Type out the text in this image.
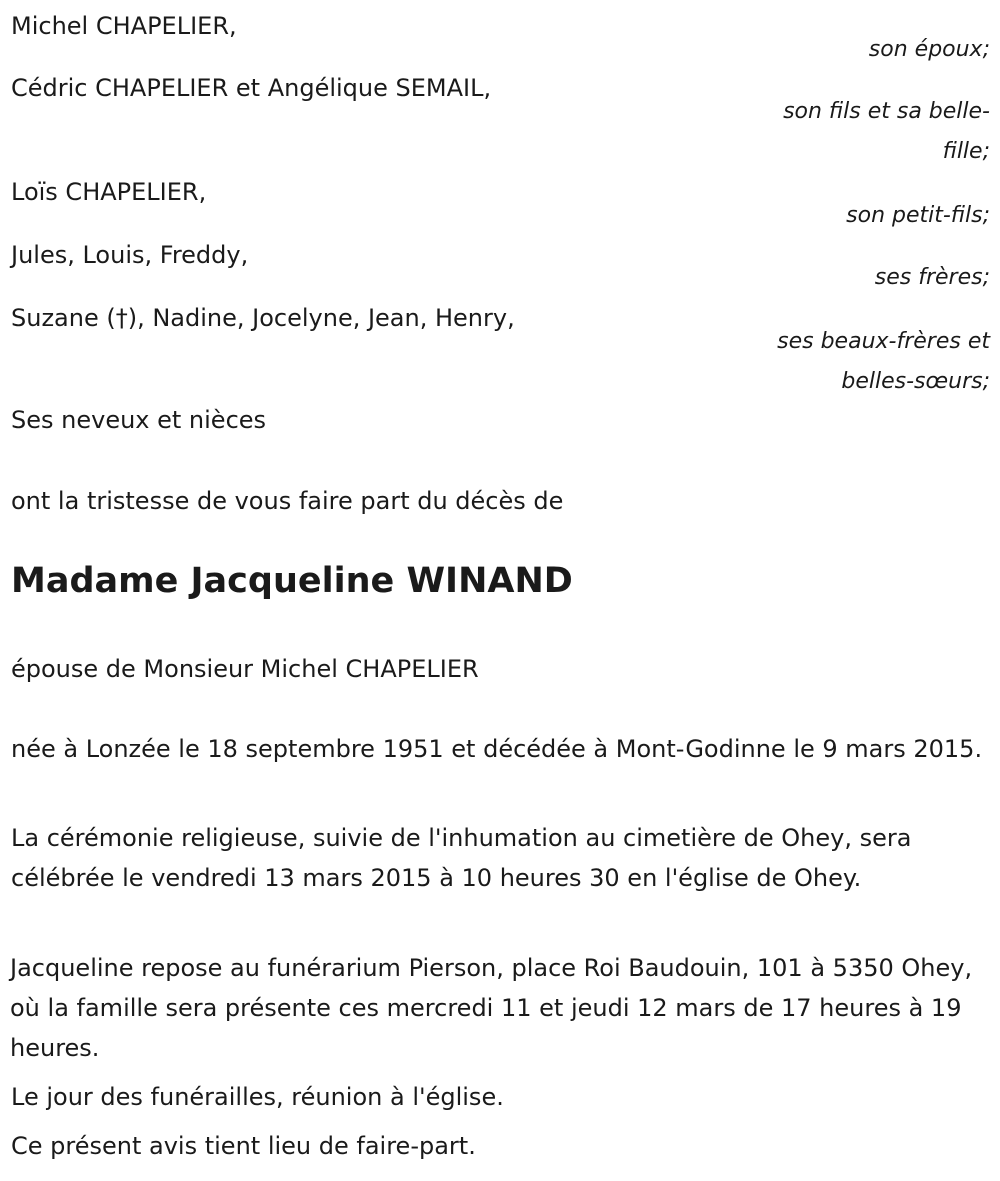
Michel CHAPELIER,
son époux;
Cédric CHAPELIER et Angélique SEMAIL,
son fils et sa belle-fille;
Loïs CHAPELIER,
son petit-fils;
Jules, Louis, Freddy,
ses frères;
Suzane (†), Nadine, Jocelyne, Jean, Henry,
ses beaux-frères et belles-sœurs;
Ses neveux et nièces
ont la tristesse de vous faire part du décès de
Madame Jacqueline WINAND
épouse de Monsieur Michel CHAPELIER
née à Lonzée le 18 septembre 1951 et décédée à Mont-Godinne le 9 mars 2015.
La cérémonie religieuse, suivie de l'inhumation au cimetière de Ohey, sera célébrée le vendredi 13 mars 2015 à 10 heures 30 en l'église de Ohey.
Jacqueline repose au funérarium Pierson, place Roi Baudouin, 101 à 5350 Ohey, où la famille sera présente ces mercredi 11 et jeudi 12 mars de 17 heures à 19 heures.
Le jour des funérailles, réunion à l'église.
Ce présent avis tient lieu de faire-part.
